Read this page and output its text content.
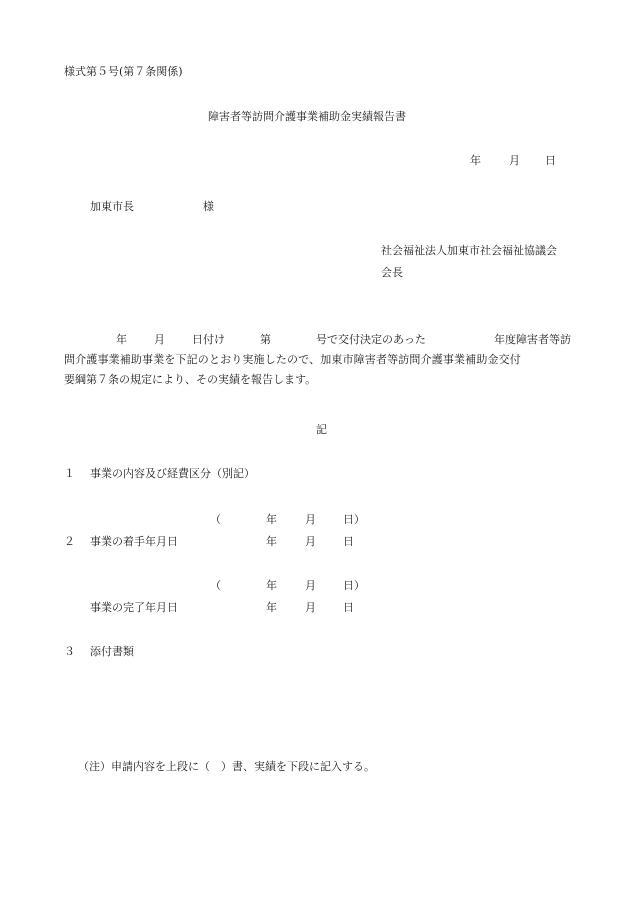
様式第５号(第７条関係)
障害者等訪問介護事業補助金実績報告書
年	月 日
加東市長	様
社会福祉法人加東市社会福祉協議会
会長
年 月 日付け	第	号で交付決定のあった	年度障害者等訪
問介護事業補助事業を下記のとおり実施したので、加東市障害者等訪問介護事業補助金交付
要綱第７条の規定により、その実績を報告します。
記
１ 事業の内容及び経費区分（別記）
（	年	月 日）
２ 事業の着手年月日	年	月 日
（	年	月 日）
事業の完了年月日	年	月 日
３ 添付書類
（注）申請内容を上段に（　）書、実績を下段に記入する。
